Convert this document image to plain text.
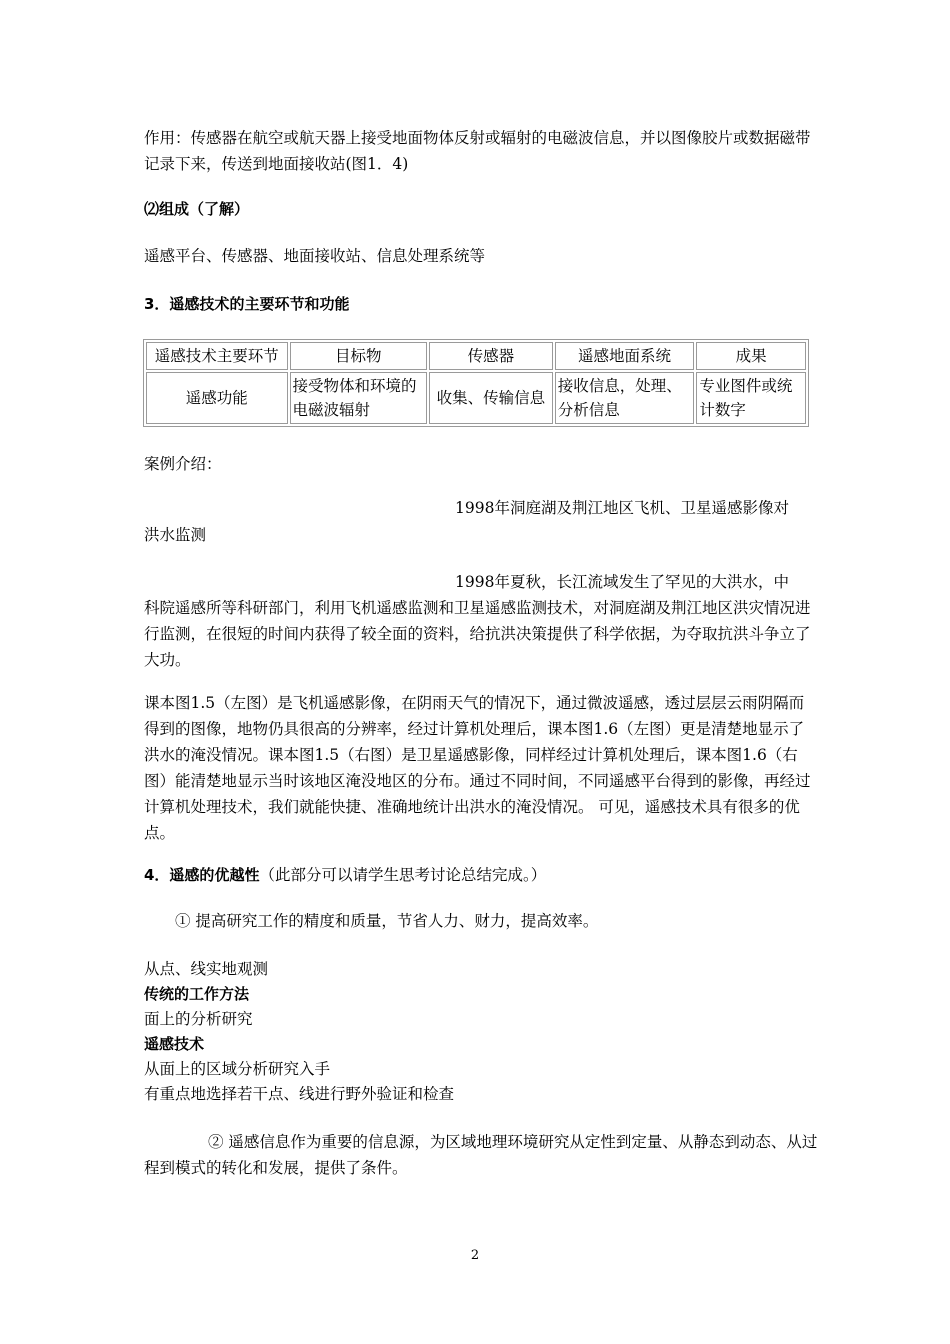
作用：传感器在航空或航天器上接受地面物体反射或辐射的电磁波信息，并以图像胶片或数据磁带记录下来，传送到地面接收站(图1．4)

⑵组成（了解）

遥感平台、传感器、地面接收站、信息处理系统等

3．遥感技术的主要环节和功能

遥感技术主要环节	目标物	传感器	遥感地面系统	成果
遥感功能	接受物体和环境的电磁波辐射	收集、传输信息	接收信息，处理、分析信息	专业图件或统计数字

案例介绍：

1998年洞庭湖及荆江地区飞机、卫星遥感影像对

洪水监测

1998年夏秋，长江流域发生了罕见的大洪水，中

科院遥感所等科研部门，利用飞机遥感监测和卫星遥感监测技术，对洞庭湖及荆江地区洪灾情况进行监测，在很短的时间内获得了较全面的资料，给抗洪决策提供了科学依据，为夺取抗洪斗争立了大功。

课本图1.5（左图）是飞机遥感影像，在阴雨天气的情况下，通过微波遥感，透过层层云雨阴隔而得到的图像，地物仍具很高的分辨率，经过计算机处理后，课本图1.6（左图）更是清楚地显示了洪水的淹没情况。课本图1.5（右图）是卫星遥感影像，同样经过计算机处理后，课本图1.6（右图）能清楚地显示当时该地区淹没地区的分布。通过不同时间，不同遥感平台得到的影像，再经过计算机处理技术，我们就能快捷、准确地统计出洪水的淹没情况。 可见，遥感技术具有很多的优点。

4．遥感的优越性（此部分可以请学生思考讨论总结完成。）

① 提高研究工作的精度和质量，节省人力、财力，提高效率。

从点、线实地观测
传统的工作方法
面上的分析研究
遥感技术
从面上的区域分析研究入手
有重点地选择若干点、线进行野外验证和检查

② 遥感信息作为重要的信息源，为区域地理环境研究从定性到定量、从静态到动态、从过程到模式的转化和发展，提供了条件。

2
